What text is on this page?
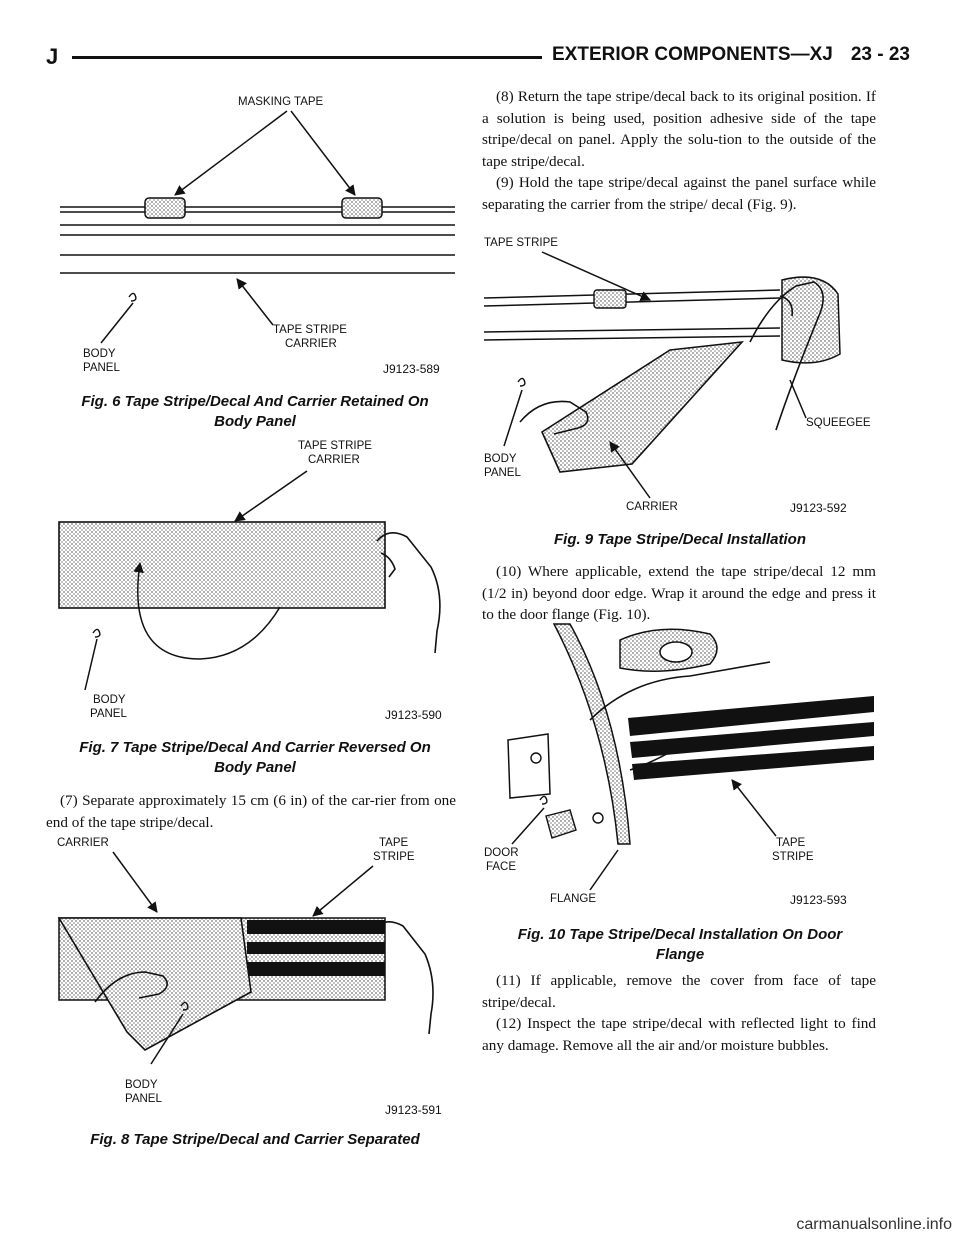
J	EXTERIOR COMPONENTS—XJ 23 - 23
MASKING TAPE
TAPE STRIPE CARRIER
BODY PANEL	J9123-589
Fig. 6 Tape Stripe/Decal And Carrier Retained On
Body Panel
TAPE STRIPE CARRIER
BODY PANEL	J9123-590
Fig. 7 Tape Stripe/Decal And Carrier Reversed On
Body Panel

(7) Separate approximately 15 cm (6 in) of the car-rier from one end of the tape stripe/decal.

CARRIER	TAPE STRIPE
BODY PANEL
J9123-591
Fig. 8 Tape Stripe/Decal and Carrier Separated

(8) Return the tape stripe/decal back to its original position. If a solution is being used, position adhesive side of the tape stripe/decal on panel. Apply the solu-tion to the outside of the tape stripe/decal.

(9) Hold the tape stripe/decal against the panel surface while separating the carrier from the stripe/ decal (Fig. 9).

TAPE STRIPE
BODY PANEL
SQUEEGEE
CARRIER	J9123-592
Fig. 9 Tape Stripe/Decal Installation

(10) Where applicable, extend the tape stripe/decal 12 mm (1/2 in) beyond door edge. Wrap it around the edge and press it to the door flange (Fig. 10).

DOOR FACE
FLANGE
TAPE STRIPE
J9123-593
Fig. 10 Tape Stripe/Decal Installation On Door
Flange

(11) If applicable, remove the cover from face of tape stripe/decal.

(12) Inspect the tape stripe/decal with reflected light to find any damage. Remove all the air and/or moisture bubbles.

carmanualsonline.info
